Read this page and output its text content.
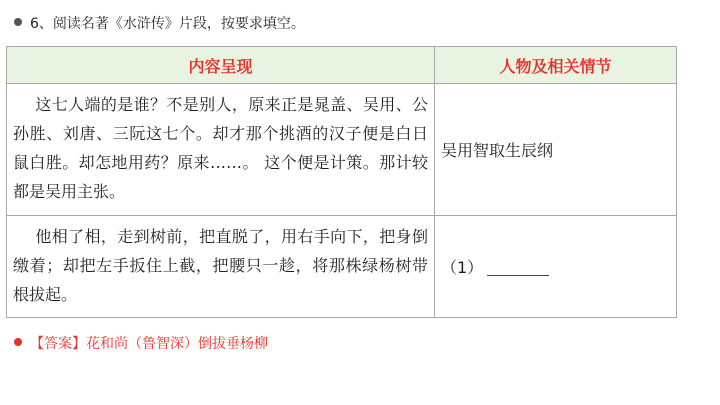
6、阅读名著《水浒传》片段，按要求填空。
内容呈现	人物及相关情节
这七人端的是谁？不是别人，原来正是晁盖、吴用、公孙胜、刘唐、三阮这七个。却才那个挑酒的汉子便是白日鼠白胜。却怎地用药？原来……。 这个便是计策。那计较都是吴用主张。	吴用智取生辰纲
他相了相，走到树前，把直脱了，用右手向下，把身倒缴着；却把左手扳住上截，把腰只一趁，将那株绿杨树带根拔起。	（1）
【答案】花和尚（鲁智深）倒拔垂杨柳
